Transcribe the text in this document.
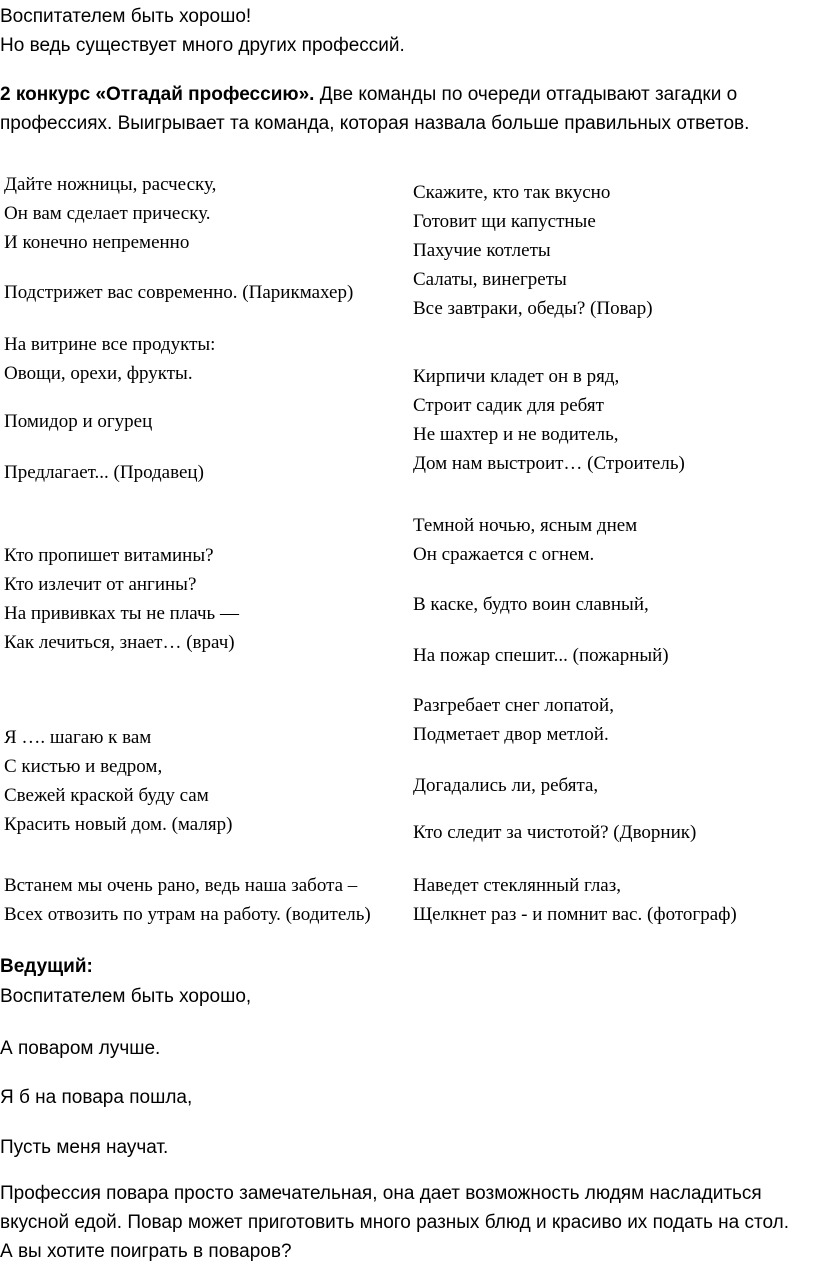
Воспитателем быть хорошо!
Но ведь существует много других профессий.

2 конкурс «Отгадай профессию». Две команды по очереди отгадывают загадки о профессиях. Выигрывает та команда, которая назвала больше правильных ответов.

Дайте ножницы, расческу,
Он вам сделает прическу.
И конечно непременно
Подстрижет вас современно. (Парикмахер)
На витрине все продукты:
Овощи, орехи, фрукты.
Помидор и огурец
Предлагает... (Продавец)
Кто пропишет витамины?
Кто излечит от ангины?
На прививках ты не плачь —
Как лечиться, знает… (врач)
Я …. шагаю к вам
С кистью и ведром,
Свежей краской буду сам
Красить новый дом. (маляр)
Встанем мы очень рано, ведь наша забота –
Всех отвозить по утрам на работу. (водитель)
Скажите, кто так вкусно
Готовит щи капустные
Пахучие котлеты
Салаты, винегреты
Все завтраки, обеды? (Повар)
Кирпичи кладет он в ряд,
Строит садик для ребят
Не шахтер и не водитель,
Дом нам выстроит… (Строитель)
Темной ночью, ясным днем
Он сражается с огнем.
В каске, будто воин славный,
На пожар спешит... (пожарный)
Разгребает снег лопатой,
Подметает двор метлой.
Догадались ли, ребята,
Кто следит за чистотой? (Дворник)
Наведет стеклянный глаз,
Щелкнет раз - и помнит вас. (фотограф)
Ведущий:
Воспитателем быть хорошо,
А поваром лучше.
Я б на повара пошла,
Пусть меня научат.

Профессия повара просто замечательная, она дает возможность людям насладиться вкусной едой. Повар может приготовить много разных блюд и красиво их подать на стол. А вы хотите поиграть в поваров?
